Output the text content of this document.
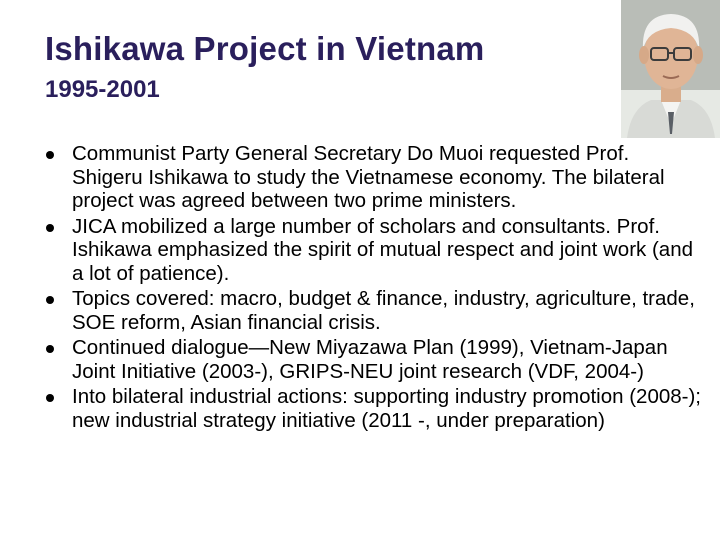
Ishikawa Project in Vietnam
1995-2001
Communist Party General Secretary Do Muoi requested Prof. Shigeru Ishikawa to study the Vietnamese economy. The bilateral project was agreed between two prime ministers.
JICA mobilized a large number of scholars and consultants. Prof. Ishikawa emphasized the spirit of mutual respect and joint work (and a lot of patience).
Topics covered: macro, budget & finance, industry, agriculture, trade, SOE reform, Asian financial crisis.
Continued dialogue—New Miyazawa Plan (1999), Vietnam-Japan Joint Initiative (2003-), GRIPS-NEU joint research (VDF, 2004-)
Into bilateral industrial actions: supporting industry promotion (2008-); new industrial strategy initiative (2011 -, under preparation)
